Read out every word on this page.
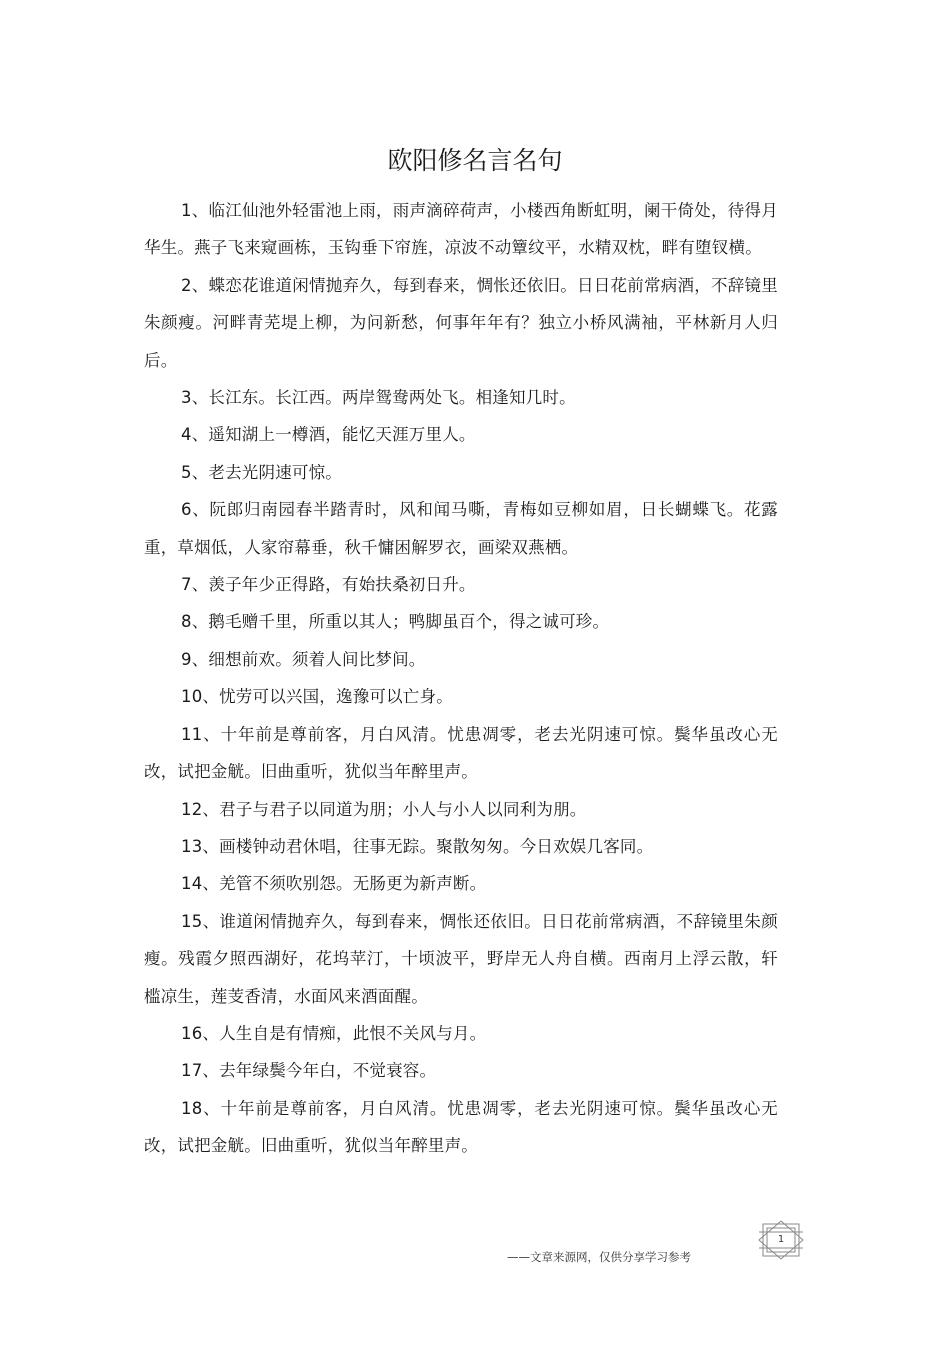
欧阳修名言名句

1、临江仙池外轻雷池上雨，雨声滴碎荷声，小楼西角断虹明，阑干倚处，待得月华生。燕子飞来窥画栋，玉钩垂下帘旌，凉波不动簟纹平，水精双枕，畔有堕钗横。

2、蝶恋花谁道闲情抛弃久，每到春来，惆怅还依旧。日日花前常病酒，不辞镜里朱颜瘦。河畔青芜堤上柳，为问新愁，何事年年有？独立小桥风满袖，平林新月人归后。

3、长江东。长江西。两岸鸳鸯两处飞。相逢知几时。

4、遥知湖上一樽酒，能忆天涯万里人。

5、老去光阴速可惊。

6、阮郎归南园春半踏青时，风和闻马嘶，青梅如豆柳如眉，日长蝴蝶飞。花露重，草烟低，人家帘幕垂，秋千慵困解罗衣，画梁双燕栖。

7、羡子年少正得路，有始扶桑初日升。

8、鹅毛赠千里，所重以其人；鸭脚虽百个，得之诚可珍。

9、细想前欢。须着人间比梦间。

10、忧劳可以兴国，逸豫可以亡身。

11、十年前是尊前客，月白风清。忧患凋零，老去光阴速可惊。鬓华虽改心无改，试把金觥。旧曲重听，犹似当年醉里声。

12、君子与君子以同道为朋；小人与小人以同利为朋。

13、画楼钟动君休唱，往事无踪。聚散匆匆。今日欢娱几客同。

14、羌管不须吹别怨。无肠更为新声断。

15、谁道闲情抛弃久，每到春来，惆怅还依旧。日日花前常病酒，不辞镜里朱颜瘦。残霞夕照西湖好，花坞苹汀，十顷波平，野岸无人舟自横。西南月上浮云散，轩槛凉生，莲芰香清，水面风来酒面醒。

16、人生自是有情痴，此恨不关风与月。

17、去年绿鬓今年白，不觉衰容。

18、十年前是尊前客，月白风清。忧患凋零，老去光阴速可惊。鬓华虽改心无改，试把金觥。旧曲重听，犹似当年醉里声。

——文章来源网，仅供分享学习参考
1
